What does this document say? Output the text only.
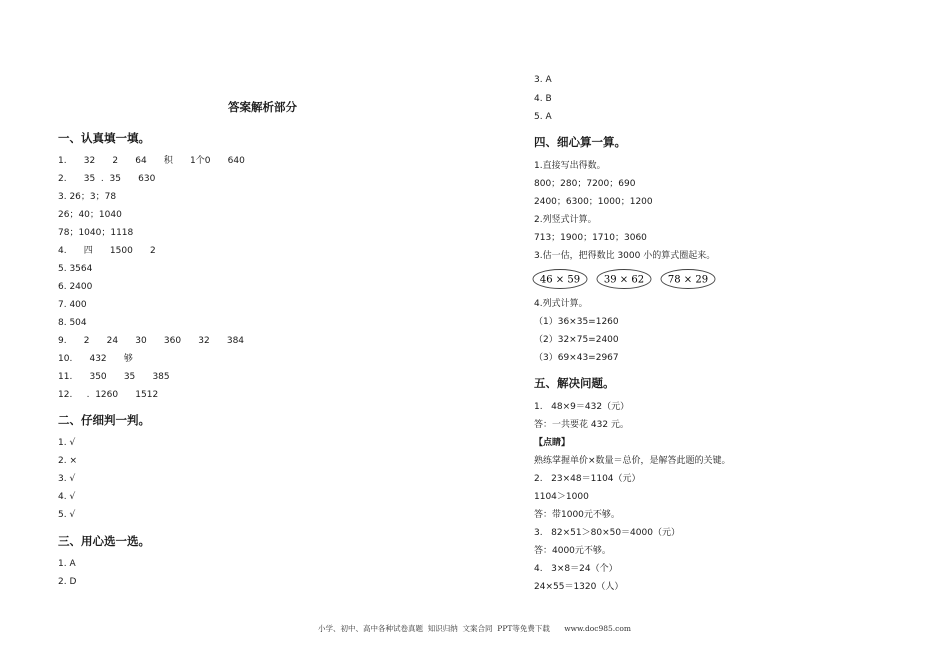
答案解析部分
一、认真填一填。
1.      32      2      64      积      1个0      640
2.      35  .  35      630
3. 26；3；78
26；40；1040
78；1040；1118
4.      四      1500      2
5. 3564
6. 2400
7. 400
8. 504
9.      2      24      30      360      32      384
10.      432      够
11.      350      35      385
12.     .  1260      1512
二、仔细判一判。
1. √
2. ×
3. √
4. √
5. √
三、用心选一选。
1. A
2. D
3. A
4. B
5. A
四、细心算一算。
1.直接写出得数。
800；280；7200；690
2400；6300；1000；1200
2.列竖式计算。
713；1900；1710；3060
3.估一估，把得数比 3000 小的算式圈起来。
46 × 59 39 × 62 78 × 29
4.列式计算。
（1）36×35=1260
（2）32×75=2400
（3）69×43=2967
五、解决问题。
1.   48×9＝432（元）
答：一共要花 432 元。
【点睛】
熟练掌握单价×数量＝总价，是解答此题的关键。
2.   23×48＝1104（元）
1104＞1000
答：带1000元不够。
3.   82×51＞80×50＝4000（元）
答：4000元不够。
4.   3×8＝24（个）
24×55＝1320（人）
小学、初中、高中各种试卷真题  知识归纳  文案合同  PPT等免费下载      www.doc985.com
